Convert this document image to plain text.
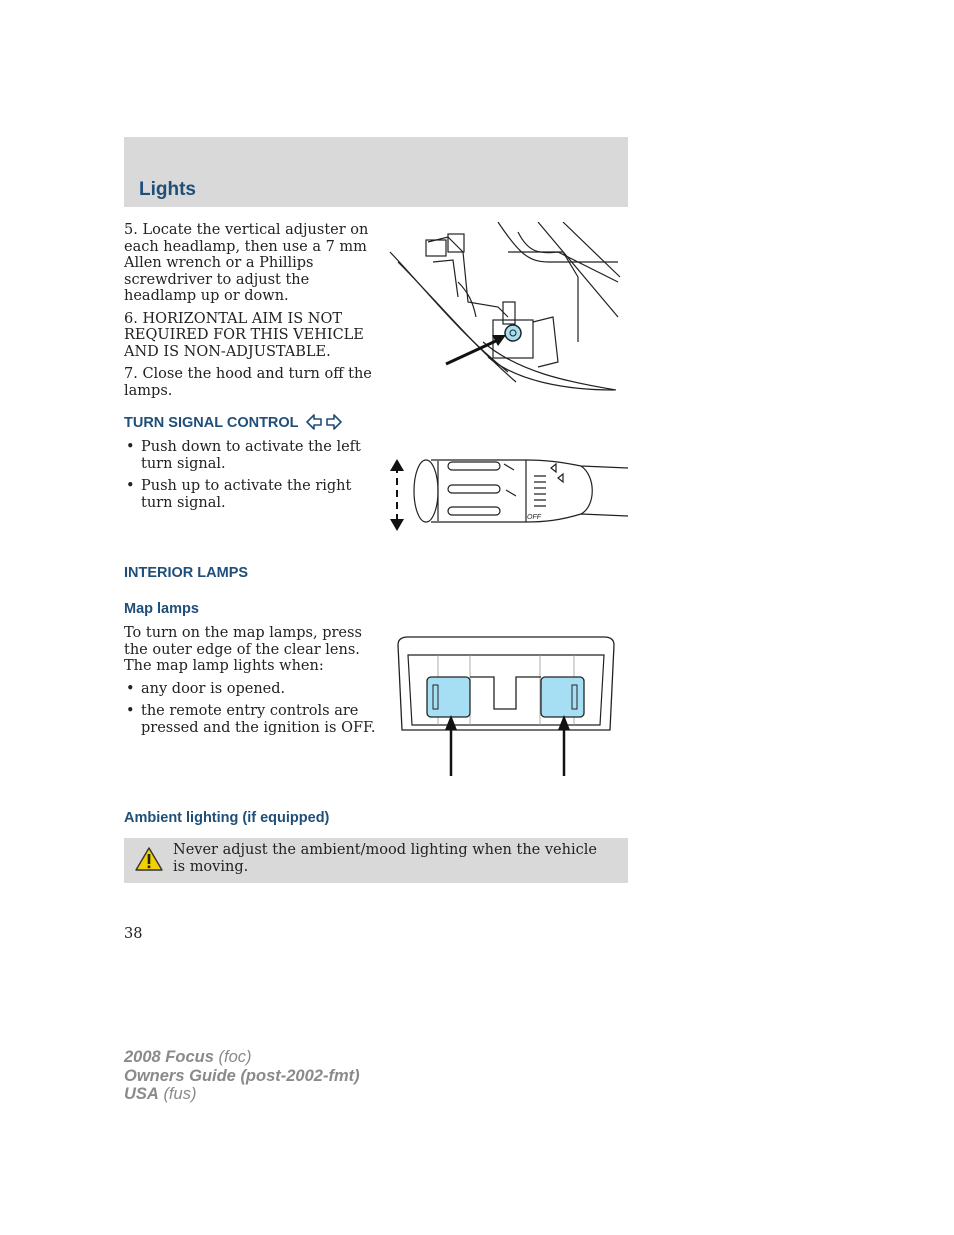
Lights

5. Locate the vertical adjuster on each headlamp, then use a 7 mm Allen wrench or a Phillips screwdriver to adjust the headlamp up or down.

6. HORIZONTAL AIM IS NOT REQUIRED FOR THIS VEHICLE AND IS NON-ADJUSTABLE.

7. Close the hood and turn off the lamps.

TURN SIGNAL CONTROL

• Push down to activate the left turn signal.

• Push up to activate the right turn signal.

OFF
INTERIOR LAMPS
Map lamps

To turn on the map lamps, press the outer edge of the clear lens. The map lamp lights when:

• any door is opened.

• the remote entry controls are pressed and the ignition is OFF.

Ambient lighting (if equipped)
Never adjust the ambient/mood lighting when the vehicle is moving.
38
2008 Focus (foc)
Owners Guide (post-2002-fmt)
USA (fus)
